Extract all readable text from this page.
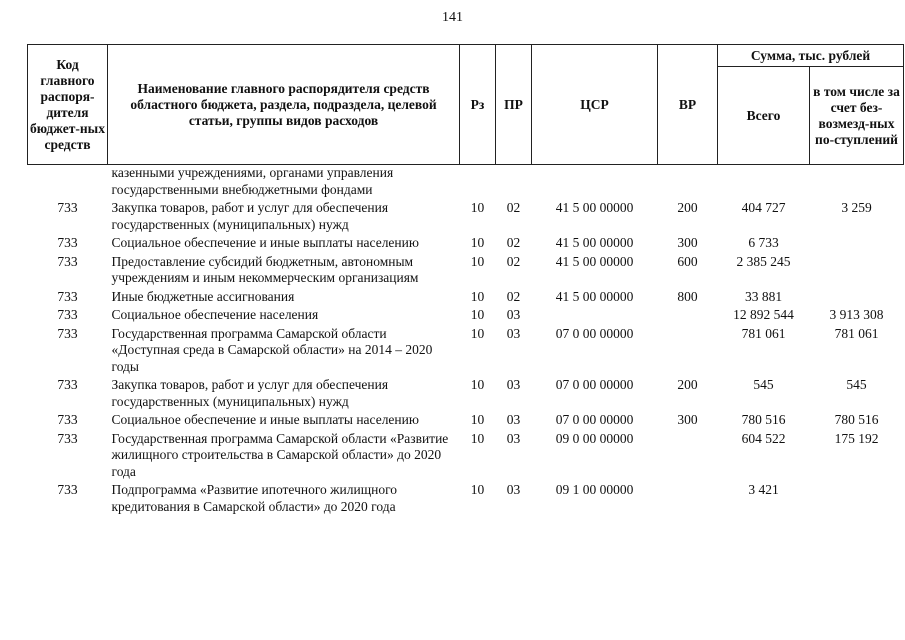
141
Код главного распоря-дителя бюджет-ных средств	Наименование главного распорядителя средств областного бюджета, раздела, подраздела, целевой статьи, группы видов расходов	Рз	ПР	ЦСР	ВР	Сумма, тыс. рублей	
						Всего	в том числе за счет без-возмезд-ных по-ступлений
	казенными учреждениями, органами управления государственными внебюджетными фондами						
733	Закупка товаров, работ и услуг для обеспечения государственных (муниципальных) нужд	10	02	41 5 00 00000	200	404 727	3 259
733	Социальное обеспечение и иные выплаты населению	10	02	41 5 00 00000	300	6 733	
733	Предоставление субсидий бюджетным, автономным учреждениям и иным некоммерческим организациям	10	02	41 5 00 00000	600	2 385 245	
733	Иные бюджетные ассигнования	10	02	41 5 00 00000	800	33 881	
733	Социальное обеспечение населения	10	03			12 892 544	3 913 308
733	Государственная программа Самарской области «Доступная среда в Самарской области» на 2014 – 2020 годы	10	03	07 0 00 00000		781 061	781 061
733	Закупка товаров, работ и услуг для обеспечения государственных (муниципальных) нужд	10	03	07 0 00 00000	200	545	545
733	Социальное обеспечение и иные выплаты населению	10	03	07 0 00 00000	300	780 516	780 516
733	Государственная программа Самарской области «Развитие жилищного строительства в Самарской области» до 2020 года	10	03	09 0 00 00000		604 522	175 192
733	Подпрограмма «Развитие ипотечного жилищного кредитования в Самарской области» до 2020 года	10	03	09 1 00 00000		3 421	
